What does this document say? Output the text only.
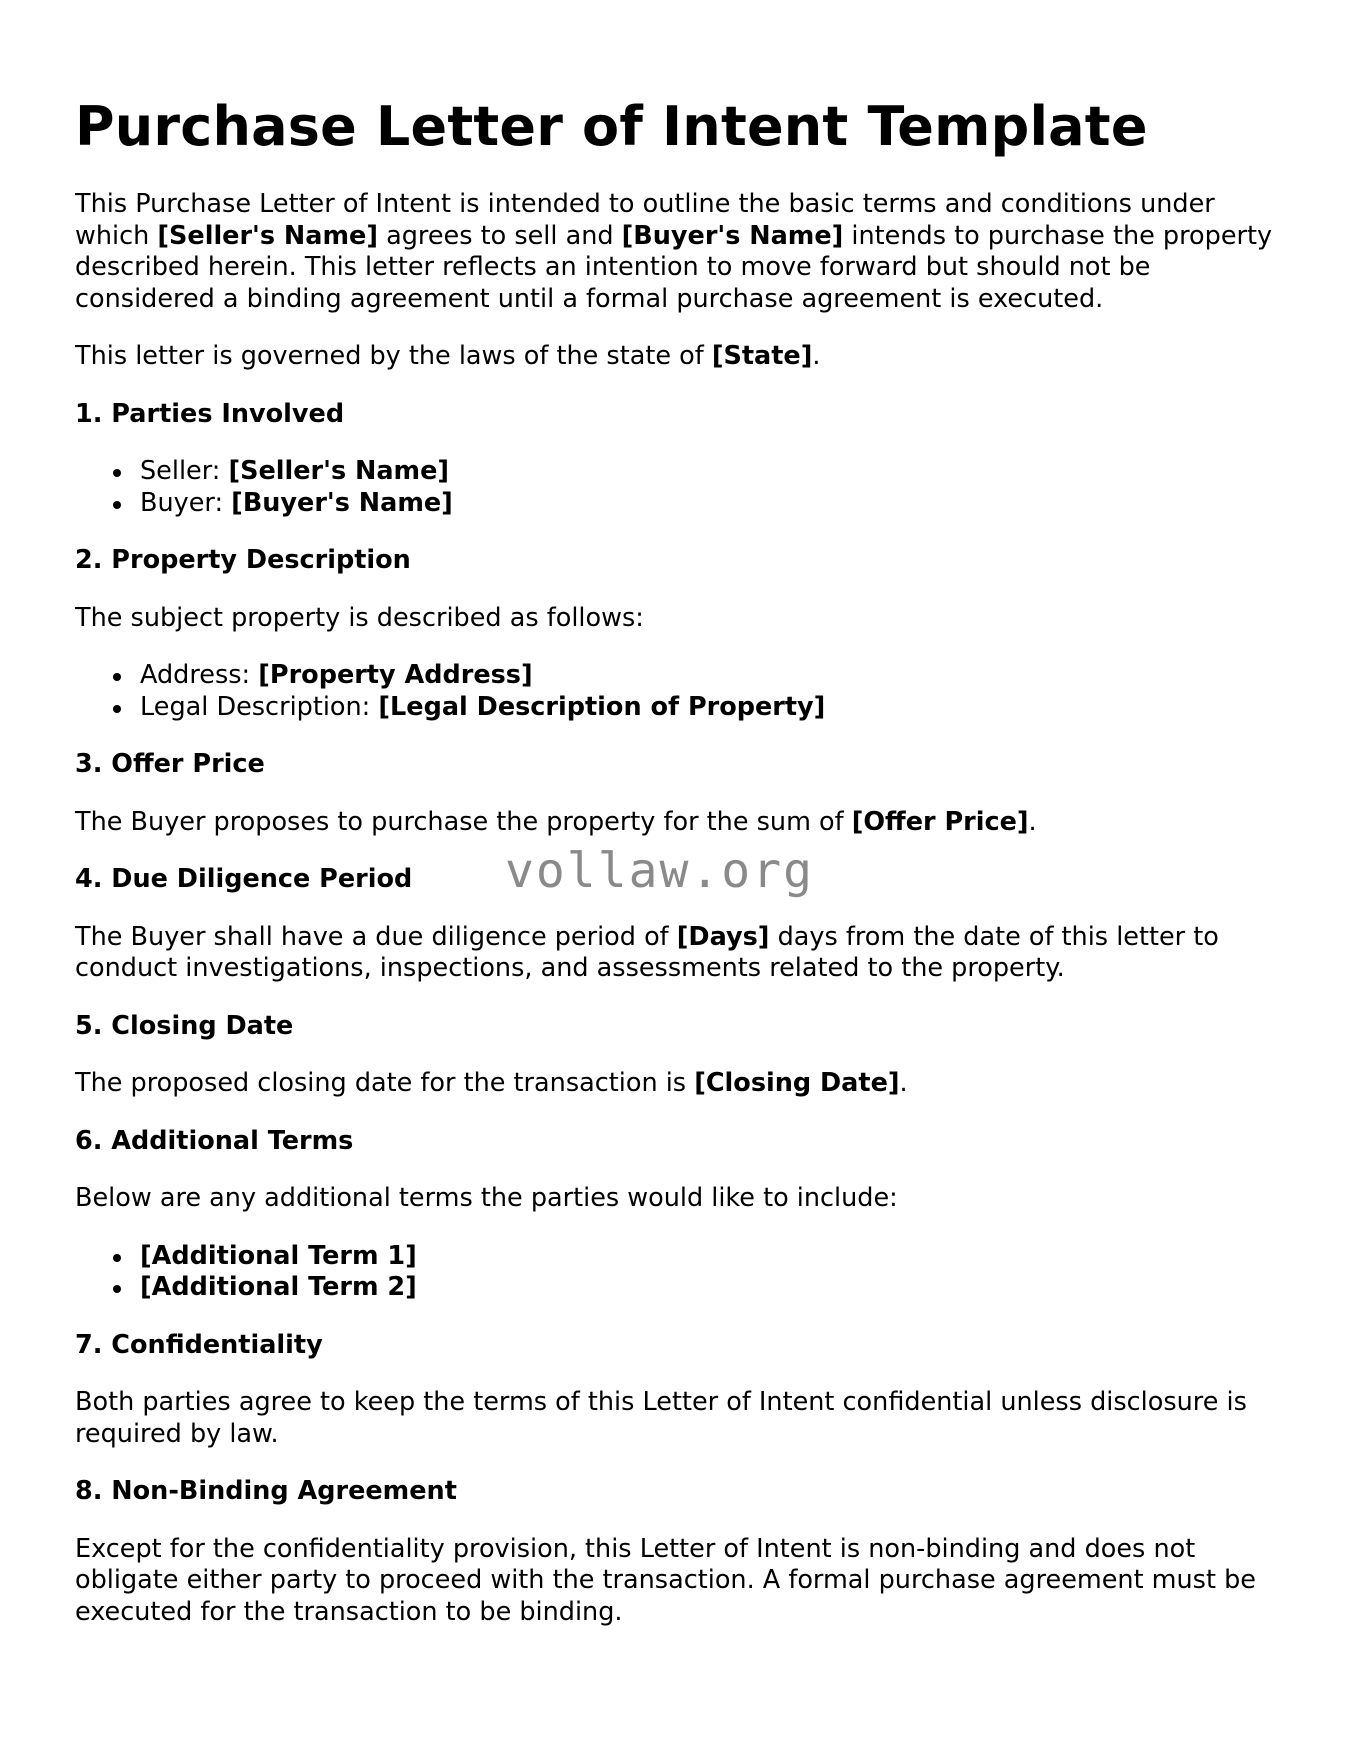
Purchase Letter of Intent Template

This Purchase Letter of Intent is intended to outline the basic terms and conditions under which [Seller's Name] agrees to sell and [Buyer's Name] intends to purchase the property described herein. This letter reflects an intention to move forward but should not be considered a binding agreement until a formal purchase agreement is executed.

This letter is governed by the laws of the state of [State].

1. Parties Involved
Seller: [Seller's Name]
Buyer: [Buyer's Name]
2. Property Description

The subject property is described as follows:

Address: [Property Address]
Legal Description: [Legal Description of Property]
3. Offer Price

The Buyer proposes to purchase the property for the sum of [Offer Price].

4. Due Diligence Period

The Buyer shall have a due diligence period of [Days] days from the date of this letter to conduct investigations, inspections, and assessments related to the property.

5. Closing Date

The proposed closing date for the transaction is [Closing Date].

6. Additional Terms

Below are any additional terms the parties would like to include:

[Additional Term 1]
[Additional Term 2]
7. Confidentiality

Both parties agree to keep the terms of this Letter of Intent confidential unless disclosure is required by law.

8. Non-Binding Agreement

Except for the confidentiality provision, this Letter of Intent is non-binding and does not obligate either party to proceed with the transaction. A formal purchase agreement must be executed for the transaction to be binding.

vollaw.org
